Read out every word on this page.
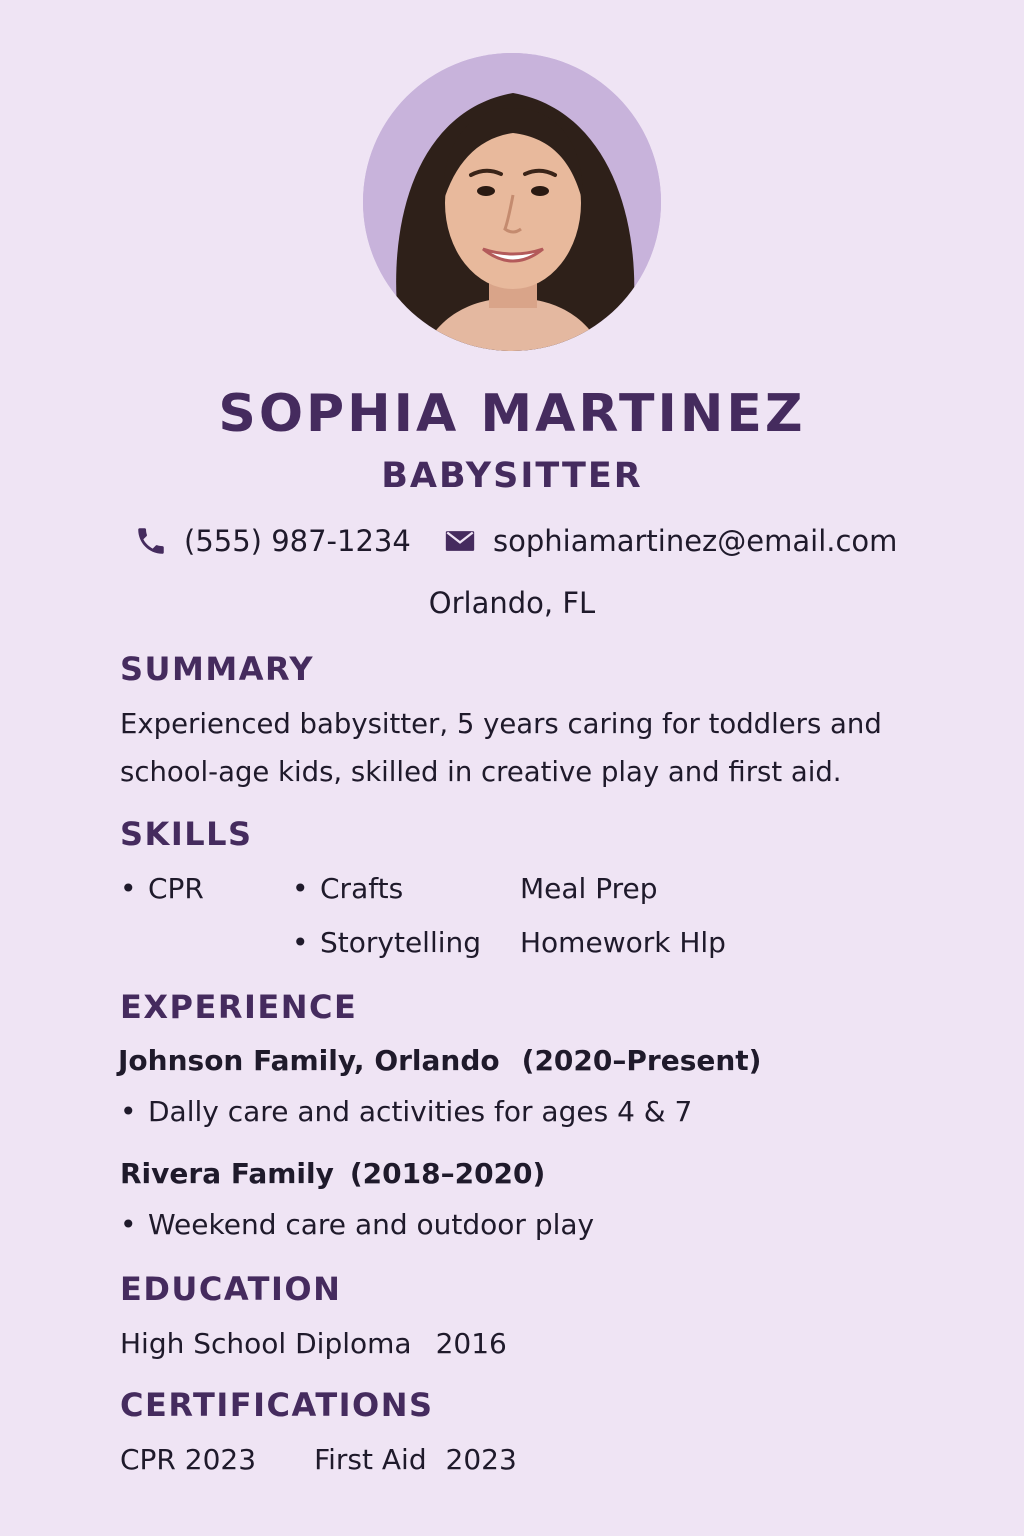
SOPHIA MARTINEZ
BABYSITTER
(555) 987-1234	sophiamartinez@email.com
Orlando, FL
SUMMARY
Experienced babysitter, 5 years caring for toddlers and school-age kids, skilled in creative play and first aid.
SKILLS
• CPR
•	Crafts	Meal Prep
• Storytelling Homework Hlp
EXPERIENCE
Johnson Family, Orlando (2020–Present)
• Dally care and activities for ages 4 & 7
Rivera Family (2018–2020)
• Weekend care and outdoor play
EDUCATION
High School Diploma 2016
CERTIFICATIONS
CPR 2023 First Aid 2023
